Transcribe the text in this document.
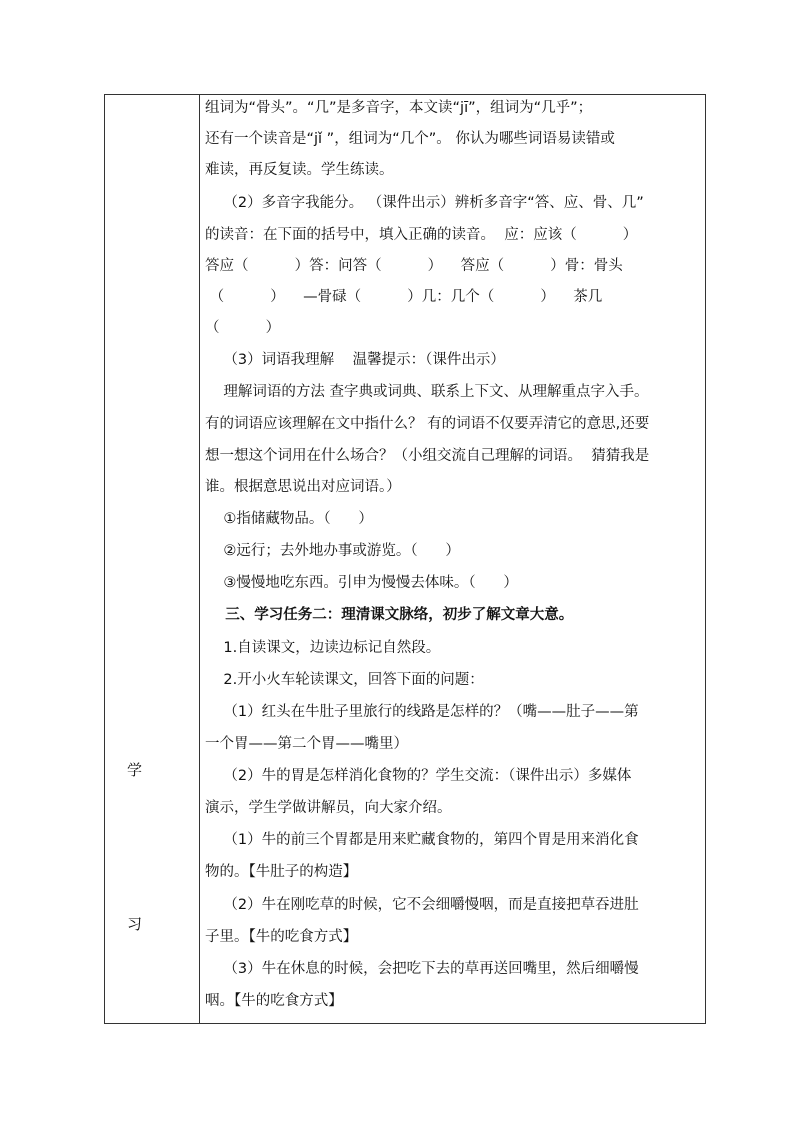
学
习
组词为“骨头”。“几”是多音字，本文读“jī”，组词为“几乎”；
还有一个读音是“jǐ ”，组词为“几个”。 你认为哪些词语易读错或
难读，再反复读。学生练读。
（2）多音字我能分。 （课件出示）辨析多音字“答、应、骨、几”
的读音：在下面的括号中，填入正确的读音。  应：应该（          ）
答应（          ）答：问答（          ）    答应（          ）骨：骨头
（          ）    —骨碌（          ）几：几个（          ）    茶几
（          ）
（3）词语我理解    温馨提示：（课件出示）
理解词语的方法 查字典或词典、联系上下文、从理解重点字入手。
有的词语应该理解在文中指什么？ 有的词语不仅要弄清它的意思,还要
想一想这个词用在什么场合？（小组交流自己理解的词语。  猜猜我是
谁。根据意思说出对应词语。）
①指储藏物品。（      ）
②远行；去外地办事或游览。（      ）
③慢慢地吃东西。引申为慢慢去体味。（      ）
三、学习任务二：理清课文脉络，初步了解文章大意。
1.自读课文，边读边标记自然段。
2.开小火车轮读课文，回答下面的问题：
（1）红头在牛肚子里旅行的线路是怎样的？（嘴——肚子——第
一个胃——第二个胃——嘴里）
（2）牛的胃是怎样消化食物的？学生交流：（课件出示）多媒体
演示，学生学做讲解员，向大家介绍。
（1）牛的前三个胃都是用来贮藏食物的，第四个胃是用来消化食
物的。【牛肚子的构造】
（2）牛在刚吃草的时候，它不会细嚼慢咽，而是直接把草吞进肚
子里。【牛的吃食方式】
（3）牛在休息的时候，会把吃下去的草再送回嘴里，然后细嚼慢
咽。【牛的吃食方式】
